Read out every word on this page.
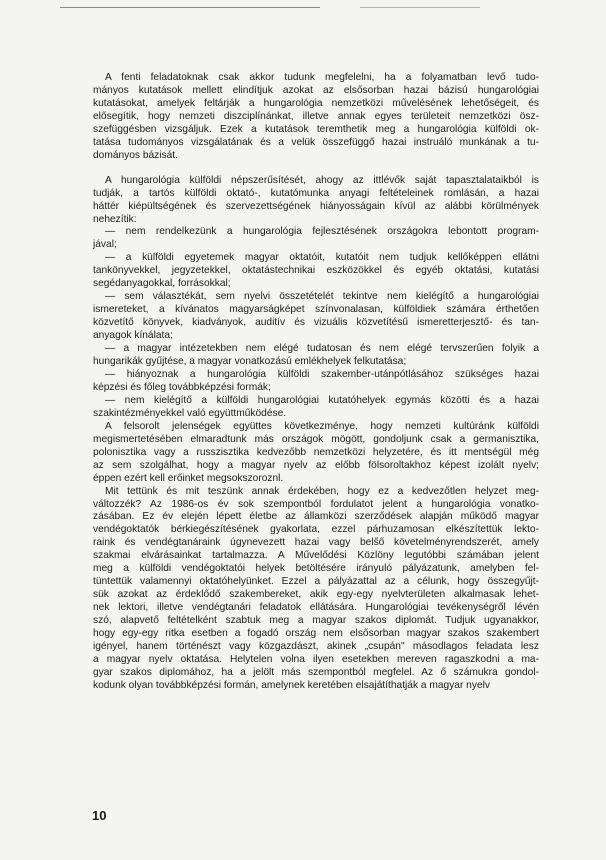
A fenti feladatoknak csak akkor tudunk megfelelni, ha a folyamatban levő tudo-
mányos kutatások mellett elindítjuk azokat az elsősorban hazai bázisú hungarológiai
kutatásokat, amelyek feltárják a hungarológia nemzetközi művelésének lehetőségeit, és
elősegítik, hogy nemzeti diszciplínánkat, illetve annak egyes területeit nemzetközi ösz-
szefüggésben vizsgáljuk. Ezek a kutatások teremthetik meg a hungarológia külföldi ok-
tatása tudományos vizsgálatának és a velük összefüggő hazai instruáló munkának a tu-
dományos bázisát.
A hungarológia külföldi népszerűsítését, ahogy az ittlévők saját tapasztalataikból is
tudják, a tartós külföldi oktató-, kutatómunka anyagi feltételeinek romlásán, a hazai
háttér kiépültségének és szervezettségének hiányosságain kívül az alábbi körülmények
nehezítik:
— nem rendelkezünk a hungarológia fejlesztésének országokra lebontott program-
jával;
— a külföldi egyetemek magyar oktatóit, kutatóit nem tudjuk kellőképpen ellátni
tankönyvekkel, jegyzetekkel, oktatástechnikai eszközökkel és egyéb oktatási, kutatási
segédanyagokkal, forrásokkal;
— sem választékát, sem nyelvi összetételét tekintve nem kielégítő a hungarológiai
ismereteket, a kívánatos magyarságképet színvonalasan, külföldiek számára érthetően
közvetítő könyvek, kiadványok, auditív és vizuális közvetítésű ismeretterjesztő- és tan-
anyagok kínálata;
— a magyar intézetekben nem elégé tudatosan és nem elégé tervszerűen folyik a
hungarikák gyűjtése, a magyar vonatkozású emlékhelyek felkutatása;
— hiányoznak a hungarológia külföldi szakember-utánpótlásához szükséges hazai
képzési és főleg továbbképzési formák;
— nem kielégítő a külföldi hungarológiai kutatóhelyek egymás közötti és a hazai
szakintézményekkel való együttműködése.
A felsorolt jelenségek együttes következménye, hogy nemzeti kultúránk külföldi
megismertetésében elmaradtunk más országok mögött, gondoljunk csak a germanisztika,
polonisztika vagy a russzisztika kedvezőbb nemzetközi helyzetére, és itt mentségül még
az sem szolgálhat, hogy a magyar nyelv az előbb fölsoroltakhoz képest izolált nyelv;
éppen ezért kell erőinket megsokszoroznl.
Mit tettünk és mit teszünk annak érdekében, hogy ez a kedvezőtlen helyzet meg-
változzék? Az 1986-os év sok szempontból fordulatot jelent a hungarológia vonatko-
zásában. Ez év elején lépett életbe az államközi szerződések alapján működő magyar
vendégoktatók bérkiegészítésének gyakorlata, ezzel párhuzamosan elkészítettük lekto-
raink és vendégtanáraink úgynevezett hazai vagy bels̋ő követelményrendszerét, amely
szakmai elvárásainkat tartalmazza. A Művelődési Közlöny legutóbbi számában jelent
meg a külföldi vendégoktatói helyek betöltésére irányuló pályázatunk, amelyben fel-
tüntettük valamennyi oktatóhelyünket. Ezzel a pályázattal az a célunk, hogy összegyűjt-
sük azokat az érdeklődő szakembereket, akik egy-egy nyelvterületen alkalmasak lehet-
nek lektori, illetve vendégtanári feladatok ellátására. Hungarológiai tevékenységről lévén
szó, alapvető feltételként szabtuk meg a magyar szakos diplomát. Tudjuk ugyanakkor,
hogy egy-egy ritka esetben a fogadó ország nem elsősorban magyar szakos szakembert
igényel, hanem történészt vagy közgazdászt, akinek „csupán" másodlagos feladata lesz
a magyar nyelv oktatása. Helytelen volna ilyen esetekben mereven ragaszkodni a ma-
gyar szakos diplomához, ha a jelölt más szempontból megfelel. Az ő számukra gondol-
kodunk olyan továbbképzési formán, amelynek keretében elsajátíthatják a magyar nyelv
10
